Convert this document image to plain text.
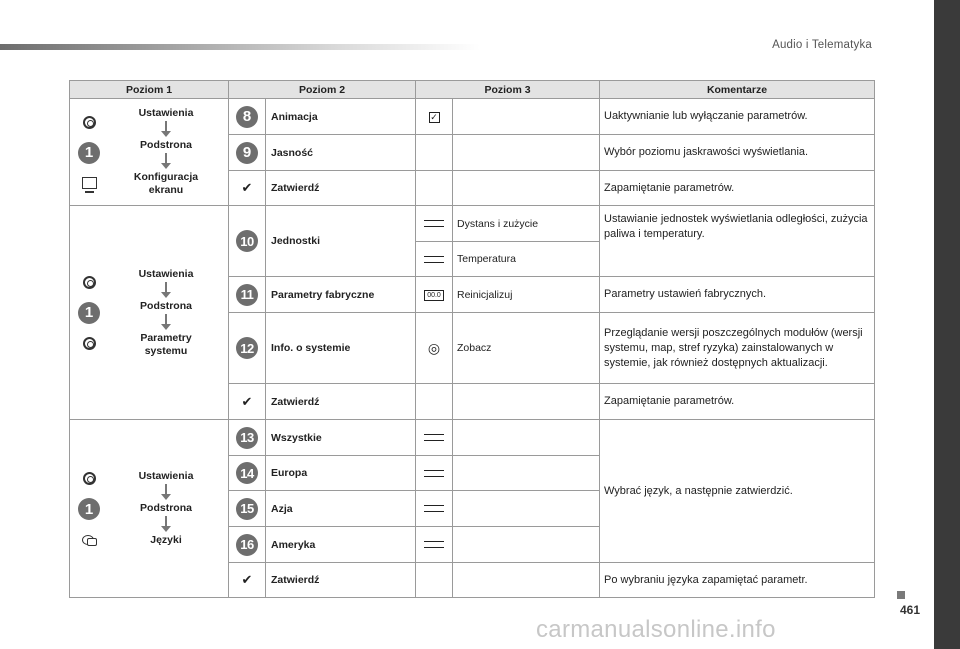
Audio i Telematyka
Poziom 1	Poziom 2		Poziom 3		Komentarze

1
Ustawienia
Podstrona
Konfiguracja ekranu	8	Animacja	✓		Uaktywnianie lub wyłączanie parametrów.
	9	Jasność			Wybór poziomu jaskrawości wyświetlania.
	✔	Zatwierdź			Zapamiętanie parametrów.

1
Ustawienia
Podstrona
Parametry systemu	10	Jednostki		Dystans i zużycie	Ustawianie jednostek wyświetlania odległości, zużycia paliwa i temperatury.
				Temperatura	
	11	Parametry fabryczne	00.0	Reinicjalizuj	Parametry ustawień fabrycznych.
	12	Info. o systemie	◎	Zobacz	Przeglądanie wersji poszczególnych modułów (wersji systemu, map, stref ryzyka) zainstalowanych w systemie, jak również dostępnych aktualizacji.
	✔	Zatwierdź			Zapamiętanie parametrów.

1
Ustawienia
Podstrona
Języki	13	Wszystkie			Wybrać język, a następnie zatwierdzić.
	14	Europa			
	15	Azja			
	16	Ameryka			
	✔	Zatwierdź			Po wybraniu języka zapamiętać parametr.
461
carmanualsonline.info
